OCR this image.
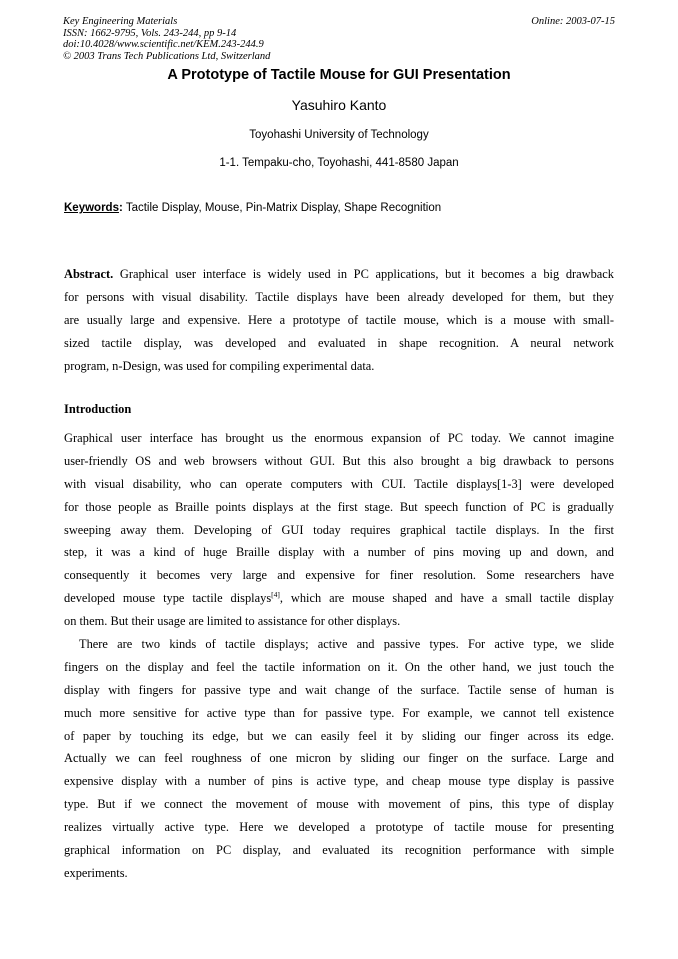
Key Engineering Materials
ISSN: 1662-9795, Vols. 243-244, pp 9-14
doi:10.4028/www.scientific.net/KEM.243-244.9
© 2003 Trans Tech Publications Ltd, Switzerland
Online: 2003-07-15
A Prototype of Tactile Mouse for GUI Presentation
Yasuhiro Kanto
Toyohashi University of Technology
1-1. Tempaku-cho, Toyohashi, 441-8580 Japan
Keywords: Tactile Display, Mouse, Pin-Matrix Display, Shape Recognition
Abstract. Graphical user interface is widely used in PC applications, but it becomes a big drawback
for persons with visual disability. Tactile displays have been already developed for them, but they
are usually large and expensive. Here a prototype of tactile mouse, which is a mouse with small-
sized tactile display, was developed and evaluated in shape recognition. A neural network
program, n-Design, was used for compiling experimental data.
Introduction
Graphical user interface has brought us the enormous expansion of PC today. We cannot imagine
user-friendly OS and web browsers without GUI. But this also brought a big drawback to persons
with visual disability, who can operate computers with CUI. Tactile displays[1-3] were developed
for those people as Braille points displays at the first stage. But speech function of PC is gradually
sweeping away them. Developing of GUI today requires graphical tactile displays. In the first
step, it was a kind of huge Braille display with a number of pins moving up and down, and
consequently it becomes very large and expensive for finer resolution. Some researchers have
developed mouse type tactile displays[4], which are mouse shaped and have a small tactile display
on them. But their usage are limited to assistance for other displays.
There are two kinds of tactile displays; active and passive types. For active type, we slide
fingers on the display and feel the tactile information on it. On the other hand, we just touch the
display with fingers for passive type and wait change of the surface. Tactile sense of human is
much more sensitive for active type than for passive type. For example, we cannot tell existence
of paper by touching its edge, but we can easily feel it by sliding our finger across its edge.
Actually we can feel roughness of one micron by sliding our finger on the surface. Large and
expensive display with a number of pins is active type, and cheap mouse type display is passive
type. But if we connect the movement of mouse with movement of pins, this type of display
realizes virtually active type. Here we developed a prototype of tactile mouse for presenting
graphical information on PC display, and evaluated its recognition performance with simple
experiments.
